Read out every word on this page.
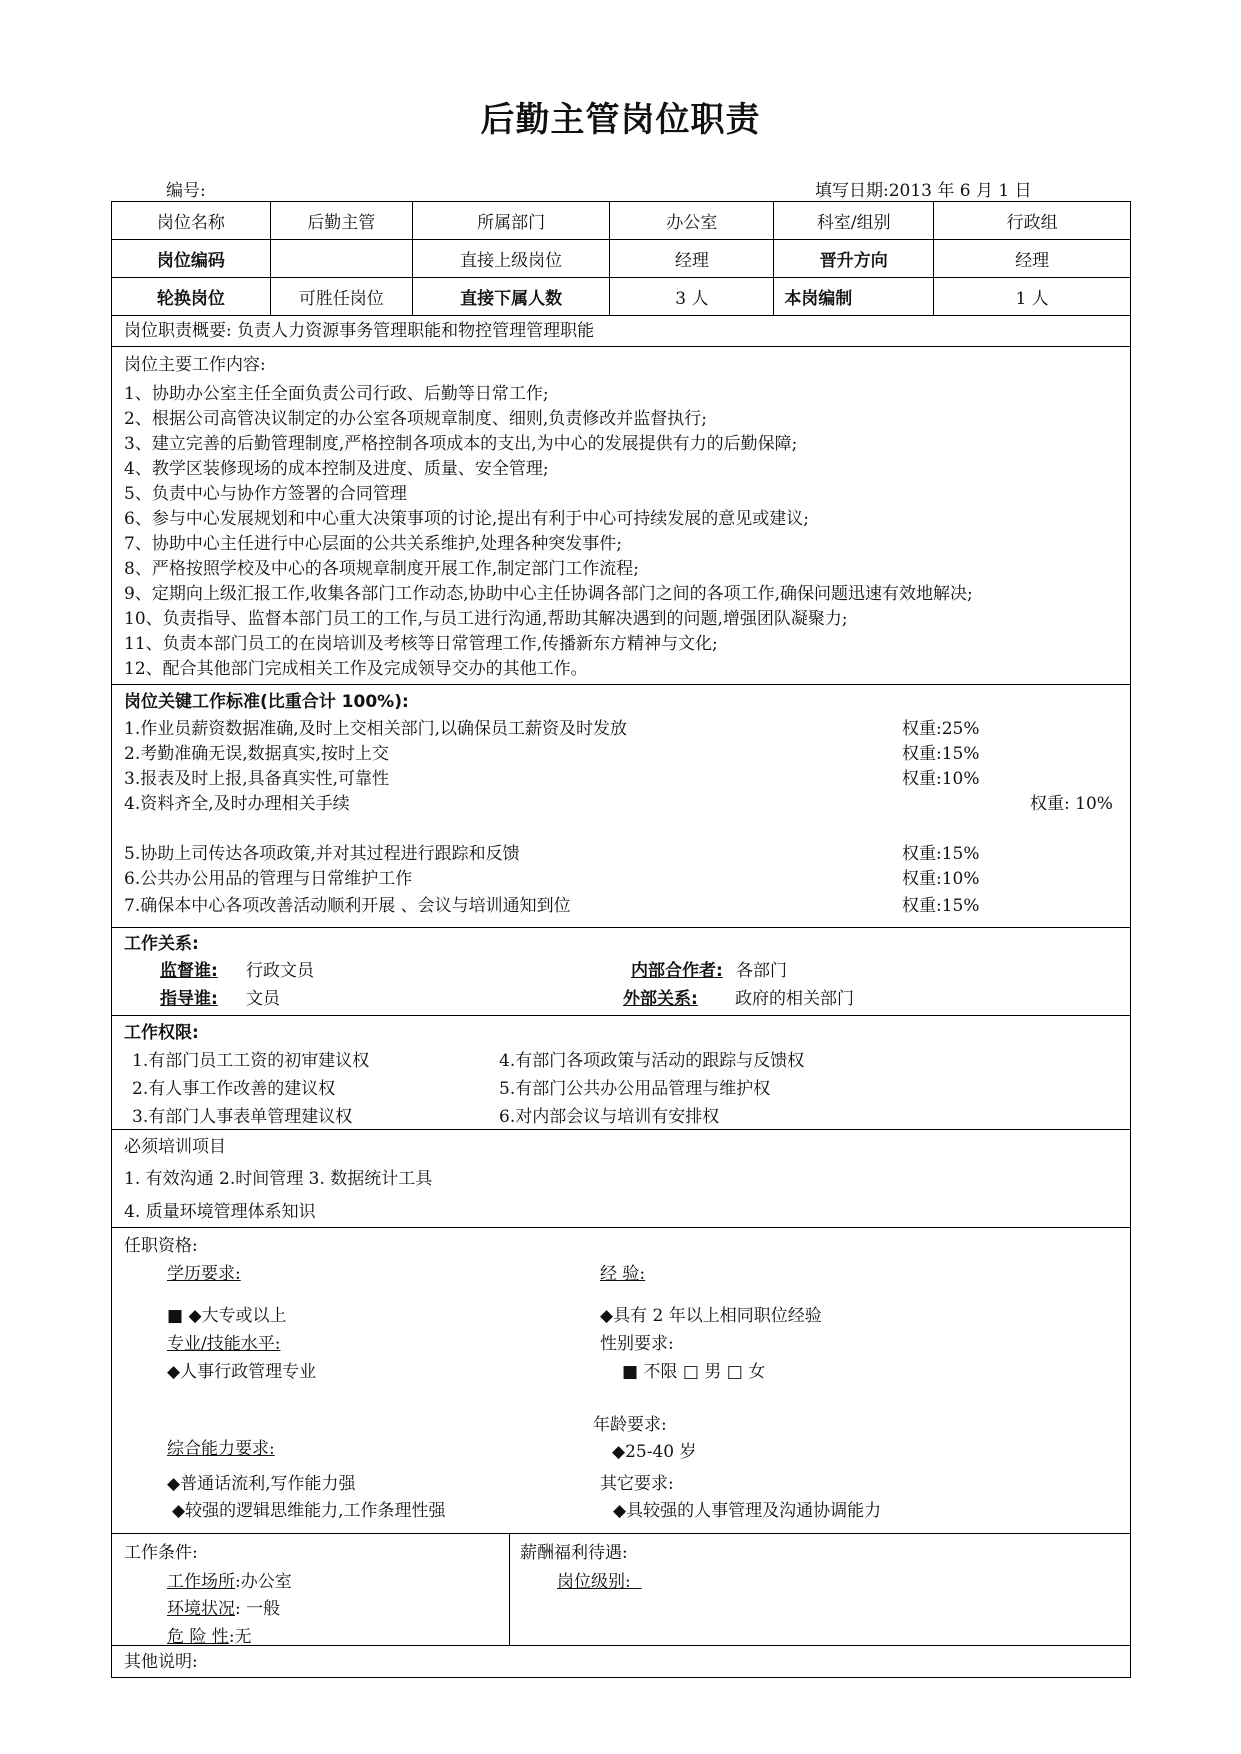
后勤主管岗位职责
编号:	填写日期:2013 年 6 月 1 日
岗位名称	后勤主管	所属部门	办公室	科室/组别	行政组
岗位编码		直接上级岗位	经理	晋升方向	经理
轮换岗位	可胜任岗位	直接下属人数	3 人	本岗编制	1 人
岗位职责概要: 负责人力资源事务管理职能和物控管理管理职能
岗位主要工作内容:
1、协助办公室主任全面负责公司行政、后勤等日常工作;
2、根据公司高管决议制定的办公室各项规章制度、细则,负责修改并监督执行;
3、建立完善的后勤管理制度,严格控制各项成本的支出,为中心的发展提供有力的后勤保障;
4、教学区装修现场的成本控制及进度、质量、安全管理;
5、负责中心与协作方签署的合同管理
6、参与中心发展规划和中心重大决策事项的讨论,提出有利于中心可持续发展的意见或建议;
7、协助中心主任进行中心层面的公共关系维护,处理各种突发事件;
8、严格按照学校及中心的各项规章制度开展工作,制定部门工作流程;
9、定期向上级汇报工作,收集各部门工作动态,协助中心主任协调各部门之间的各项工作,确保问题迅速有效地解决;
10、负责指导、监督本部门员工的工作,与员工进行沟通,帮助其解决遇到的问题,增强团队凝聚力;
11、负责本部门员工的在岗培训及考核等日常管理工作,传播新东方精神与文化;
12、配合其他部门完成相关工作及完成领导交办的其他工作。
岗位关键工作标准(比重合计 100%):
1.作业员薪资数据准确,及时上交相关部门,以确保员工薪资及时发放	权重:25%
2.考勤准确无误,数据真实,按时上交	权重:15%
3.报表及时上报,具备真实性,可靠性	权重:10%
4.资料齐全,及时办理相关手续	权重: 10%
5.协助上司传达各项政策,并对其过程进行跟踪和反馈	权重:15%
6.公共办公用品的管理与日常维护工作	权重:10%
7.确保本中心各项改善活动顺利开展 、会议与培训通知到位	权重:15%
工作关系:
监督谁: 行政文员
指导谁: 文员
内部合作者: 各部门
外部关系: 政府的相关部门
工作权限:
1.有部门员工工资的初审建议权
2.有人事工作改善的建议权
3.有部门人事表单管理建议权
4.有部门各项政策与活动的跟踪与反馈权
5.有部门公共办公用品管理与维护权
6.对内部会议与培训有安排权
必须培训项目
1. 有效沟通 2.时间管理 3. 数据统计工具
4. 质量环境管理体系知识
任职资格:
学历要求:
■ ◆大专或以上
专业/技能水平:
◆人事行政管理专业
综合能力要求:
◆普通话流利,写作能力强
◆较强的逻辑思维能力,工作条理性强
经 验:
◆具有 2 年以上相同职位经验
性别要求:
■ 不限 □ 男 □ 女
年龄要求:
◆25-40 岁
其它要求:
◆具较强的人事管理及沟通协调能力
工作条件:
工作场所:办公室
环境状况: 一般
危 险 性:无
薪酬福利待遇:
岗位级别:
其他说明:
